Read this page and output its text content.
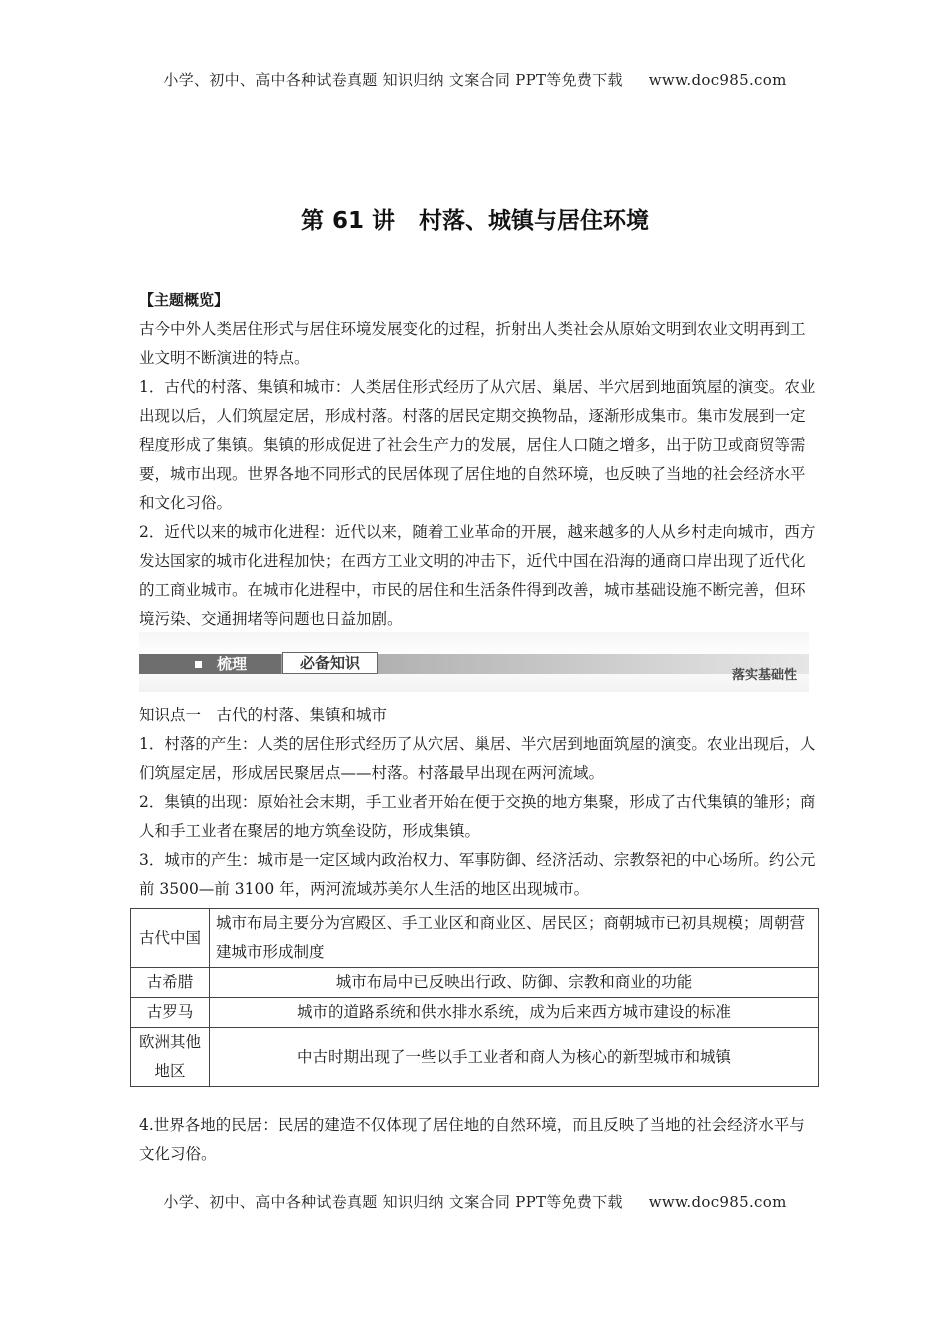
小学、初中、高中各种试卷真题 知识归纳 文案合同 PPT等免费下载 www.doc985.com
第 61 讲 村落、城镇与居住环境
【主题概览】
古今中外人类居住形式与居住环境发展变化的过程，折射出人类社会从原始文明到农业文明再到工业文明不断演进的特点。
1．古代的村落、集镇和城市：人类居住形式经历了从穴居、巢居、半穴居到地面筑屋的演变。农业出现以后，人们筑屋定居，形成村落。村落的居民定期交换物品，逐渐形成集市。集市发展到一定程度形成了集镇。集镇的形成促进了社会生产力的发展，居住人口随之增多，出于防卫或商贸等需要，城市出现。世界各地不同形式的民居体现了居住地的自然环境，也反映了当地的社会经济水平和文化习俗。
2．近代以来的城市化进程：近代以来，随着工业革命的开展，越来越多的人从乡村走向城市，西方发达国家的城市化进程加快；在西方工业文明的冲击下，近代中国在沿海的通商口岸出现了近代化的工商业城市。在城市化进程中，市民的居住和生活条件得到改善，城市基础设施不断完善，但环境污染、交通拥堵等问题也日益加剧。
梳理	必备知识
落实基础性
知识点一　古代的村落、集镇和城市
1．村落的产生：人类的居住形式经历了从穴居、巢居、半穴居到地面筑屋的演变。农业出现后，人们筑屋定居，形成居民聚居点——村落。村落最早出现在两河流域。
2．集镇的出现：原始社会末期，手工业者开始在便于交换的地方集聚，形成了古代集镇的雏形；商人和手工业者在聚居的地方筑垒设防，形成集镇。
3．城市的产生：城市是一定区域内政治权力、军事防御、经济活动、宗教祭祀的中心场所。约公元前 3500—前 3100 年，两河流域苏美尔人生活的地区出现城市。
古代中国	城市布局主要分为宫殿区、手工业区和商业区、居民区；商朝城市已初具规模；周朝营建城市形成制度
古希腊	城市布局中已反映出行政、防御、宗教和商业的功能
古罗马	城市的道路系统和供水排水系统，成为后来西方城市建设的标准
欧洲其他地区	中古时期出现了一些以手工业者和商人为核心的新型城市和城镇
4.世界各地的民居：民居的建造不仅体现了居住地的自然环境，而且反映了当地的社会经济水平与文化习俗。
小学、初中、高中各种试卷真题 知识归纳 文案合同 PPT等免费下载 www.doc985.com
